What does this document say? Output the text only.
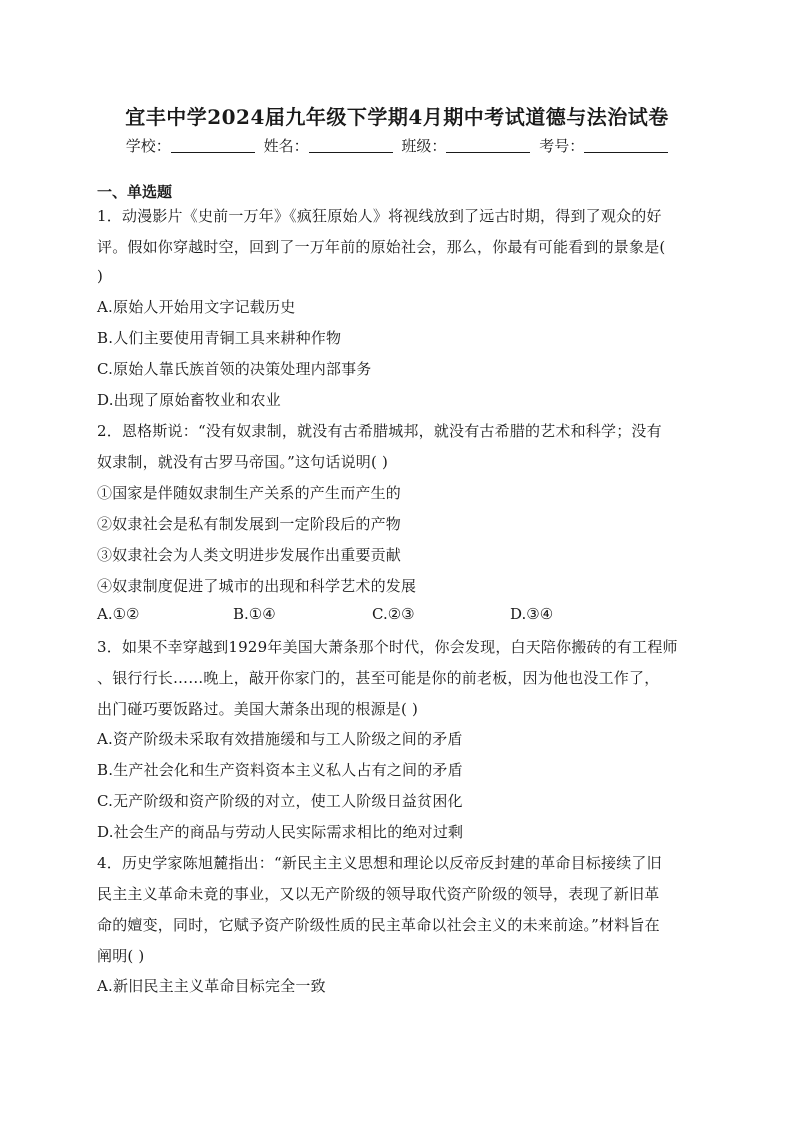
宜丰中学2024届九年级下学期4月期中考试道德与法治试卷
学校：	姓名：	班级：	考号：
一、单选题
1．动漫影片《史前一万年》《疯狂原始人》将视线放到了远古时期，得到了观众的好
评。假如你穿越时空，回到了一万年前的原始社会，那么，你最有可能看到的景象是(
)
A.原始人开始用文字记载历史
B.人们主要使用青铜工具来耕种作物
C.原始人靠氏族首领的决策处理内部事务
D.出现了原始畜牧业和农业
2．恩格斯说：“没有奴隶制，就没有古希腊城邦，就没有古希腊的艺术和科学；没有
奴隶制，就没有古罗马帝国。”这句话说明( )
①国家是伴随奴隶制生产关系的产生而产生的
②奴隶社会是私有制发展到一定阶段后的产物
③奴隶社会为人类文明进步发展作出重要贡献
④奴隶制度促进了城市的出现和科学艺术的发展
A.①②	B.①④	C.②③	D.③④
3．如果不幸穿越到1929年美国大萧条那个时代，你会发现，白天陪你搬砖的有工程师
、银行行长……晚上，敲开你家门的，甚至可能是你的前老板，因为他也没工作了，
出门碰巧要饭路过。美国大萧条出现的根源是( )
A.资产阶级未采取有效措施缓和与工人阶级之间的矛盾
B.生产社会化和生产资料资本主义私人占有之间的矛盾
C.无产阶级和资产阶级的对立，使工人阶级日益贫困化
D.社会生产的商品与劳动人民实际需求相比的绝对过剩
4．历史学家陈旭麓指出：“新民主主义思想和理论以反帝反封建的革命目标接续了旧
民主主义革命未竟的事业，又以无产阶级的领导取代资产阶级的领导，表现了新旧革
命的嬗变，同时，它赋予资产阶级性质的民主革命以社会主义的未来前途。”材料旨在
阐明( )
A.新旧民主主义革命目标完全一致
